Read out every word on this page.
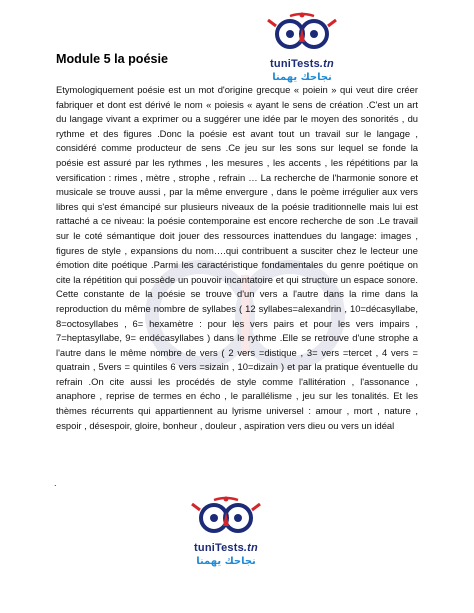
tuniTests.tn
نجاحك يهمنا
Module 5 la poésie

Etymologiquement poésie est un mot d'origine grecque « poiein » qui veut dire créer fabriquer et dont est dérivé le nom « poiesis « ayant le sens de création .C'est un art du langage vivant a exprimer ou a suggérer une idée par le moyen des sonorités , du rythme et des figures .Donc la poésie est avant tout un travail sur le langage , considéré comme producteur de sens .Ce jeu sur les sons sur lequel se fonde la poésie est assuré par les rythmes , les mesures , les accents , les répétitions par la versification : rimes , mètre , strophe , refrain … La recherche de l'harmonie sonore et musicale se trouve aussi , par la même envergure , dans le poème irrégulier aux vers libres qui s'est émancipé sur plusieurs niveaux de la poésie traditionnelle mais lui est rattaché a ce niveau: la poésie contemporaine est encore recherche de son .Le travail sur le coté sémantique doit jouer des ressources inattendues du langage: images , figures de style , expansions du nom….qui contribuent a susciter chez le lecteur une émotion dite poétique .Parmi les caractéristique fondamentales du genre poétique on cite la répétition qui possède un pouvoir incantatoire et qui structure un espace sonore. Cette constante de la poésie se trouve d'un vers a l'autre dans la rime dans la reproduction du même nombre de syllabes ( 12 syllabes=alexandrin , 10=décasyllabe, 8=octosyllabes , 6= hexamètre : pour les vers pairs et pour les vers impairs , 7=heptasyllabe, 9= endécasyllabes ) dans le rythme .Elle se retrouve d'une strophe a l'autre dans le même nombre de vers ( 2 vers =distique , 3= vers =tercet , 4 vers = quatrain , 5vers = quintiles 6 vers =sizain , 10=dizain ) et par la pratique éventuelle du refrain .On cite aussi les procédés de style comme l'allitération , l'assonance , anaphore , reprise de termes en écho , le parallélisme , jeu sur les tonalités. Et les thèmes récurrents qui appartiennent au lyrisme universel : amour , mort , nature , espoir , désespoir, gloire, bonheur , douleur , aspiration vers dieu ou vers un idéal

.
tuniTests.tn
نجاحك يهمنا
